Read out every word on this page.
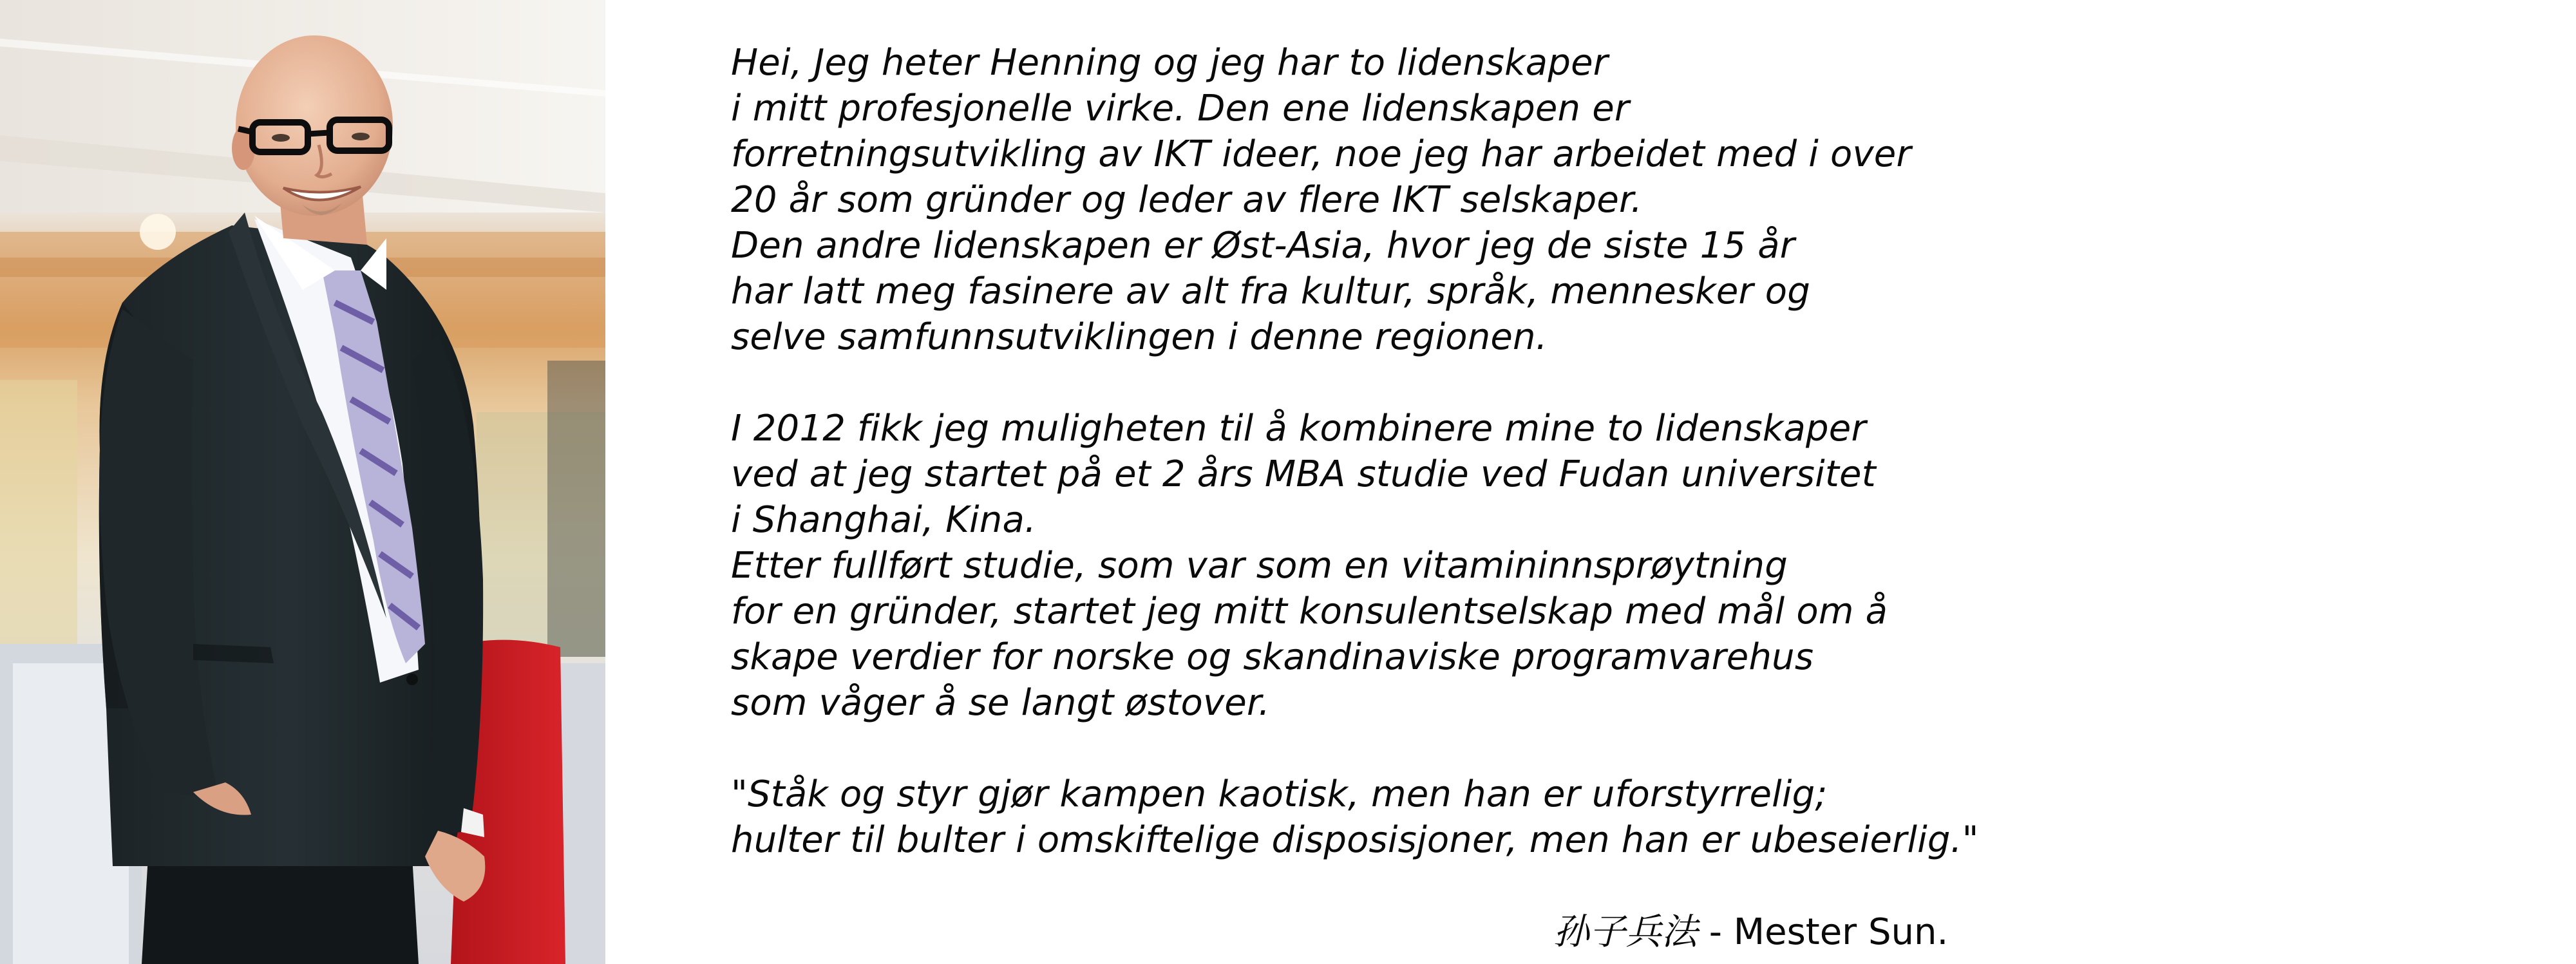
Hei, Jeg heter Henning og jeg har to lidenskaper
i mitt profesjonelle virke. Den ene lidenskapen er
forretningsutvikling av IKT ideer, noe jeg har arbeidet med i over
20 år som gründer og leder av flere IKT selskaper.
Den andre lidenskapen er Øst-Asia, hvor jeg de siste 15 år
har latt meg fasinere av alt fra kultur, språk, mennesker og
selve samfunnsutviklingen i denne regionen.
I 2012 fikk jeg muligheten til å kombinere mine to lidenskaper
ved at jeg startet på et 2 års MBA studie ved Fudan universitet
i Shanghai, Kina.
Etter fullført studie, som var som en vitamininnsprøytning
for en gründer, startet jeg mitt konsulentselskap med mål om å
skape verdier for norske og skandinaviske programvarehus
som våger å se langt østover.
"Ståk og styr gjør kampen kaotisk, men han er uforstyrrelig;
hulter til bulter i omskiftelige disposisjoner, men han er ubeseierlig."
孙子兵法 - Mester Sun.
